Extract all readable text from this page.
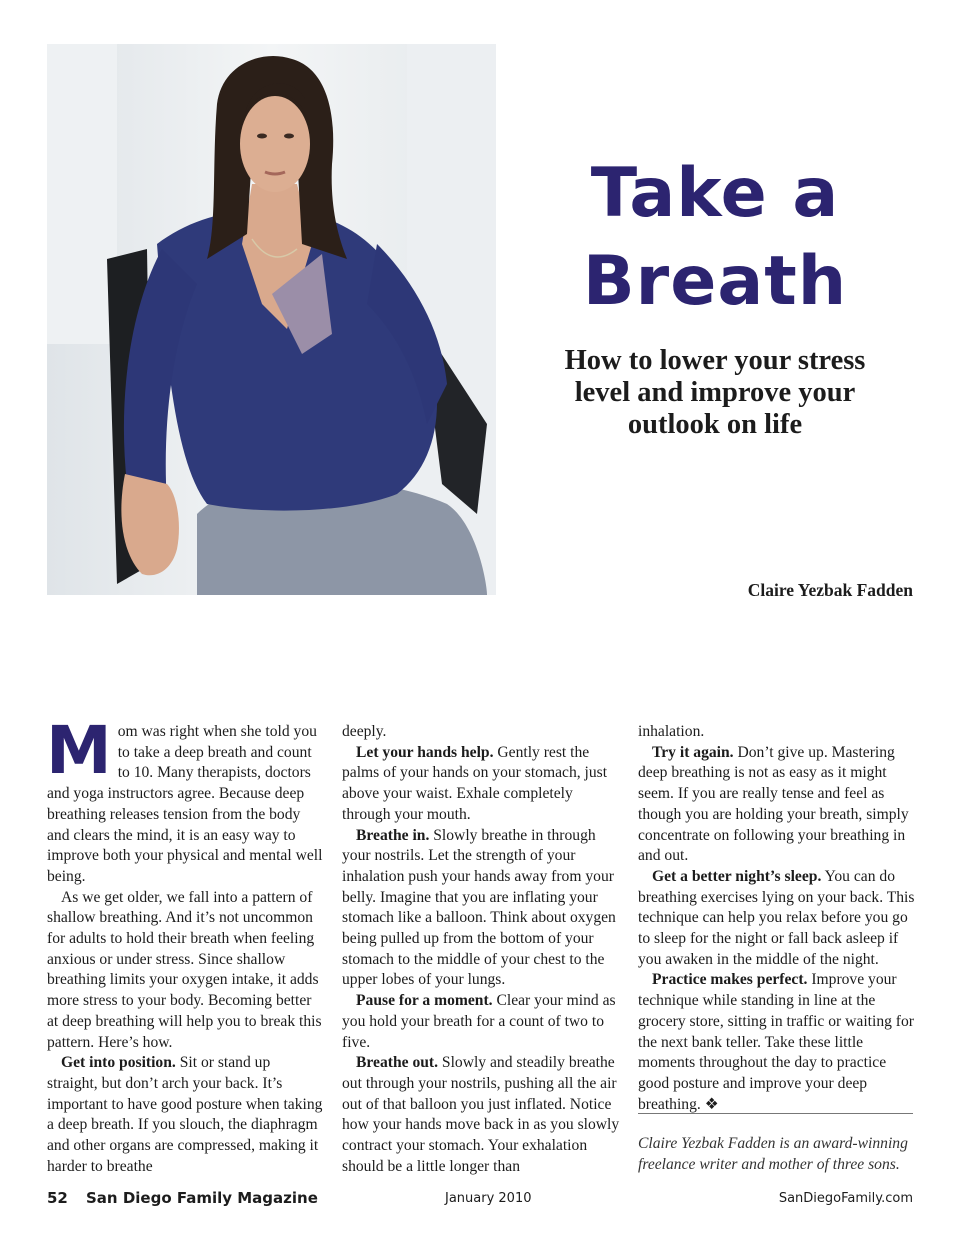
Take a
Breath
How to lower your stress level and improve your outlook on life
Claire Yezbak Fadden

Mom was right when she told you to take a deep breath and count to 10. Many therapists, doctors and yoga instructors agree. Because deep breathing releases tension from the body and clears the mind, it is an easy way to improve both your physical and mental well being.

As we get older, we fall into a pattern of shallow breathing. And it’s not uncommon for adults to hold their breath when feeling anxious or under stress. Since shallow breathing limits your oxygen intake, it adds more stress to your body. Becoming better at deep breathing will help you to break this pattern. Here’s how.

Get into position. Sit or stand up straight, but don’t arch your back. It’s important to have good posture when taking a deep breath. If you slouch, the diaphragm and other organs are compressed, making it harder to breathe

deeply.

Let your hands help. Gently rest the palms of your hands on your stomach, just above your waist. Exhale completely through your mouth.

Breathe in. Slowly breathe in through your nostrils. Let the strength of your inhalation push your hands away from your belly. Imagine that you are inflating your stomach like a balloon. Think about oxygen being pulled up from the bottom of your stomach to the middle of your chest to the upper lobes of your lungs.

Pause for a moment. Clear your mind as you hold your breath for a count of two to five.

Breathe out. Slowly and steadily breathe out through your nostrils, pushing all the air out of that balloon you just inflated. Notice how your hands move back in as you slowly contract your stomach. Your exhalation should be a little longer than

inhalation.

Try it again. Don’t give up. Mastering deep breathing is not as easy as it might seem. If you are really tense and feel as though you are holding your breath, simply concentrate on following your breathing in and out.

Get a better night’s sleep. You can do breathing exercises lying on your back. This technique can help you relax before you go to sleep for the night or fall back asleep if you awaken in the middle of the night.

Practice makes perfect. Improve your technique while standing in line at the grocery store, sitting in traffic or waiting for the next bank teller. Take these little moments throughout the day to practice good posture and improve your deep breathing. ❖

Claire Yezbak Fadden is an award-winning freelance writer and mother of three sons.
52 San Diego Family Magazine	January 2010	SanDiegoFamily.com
